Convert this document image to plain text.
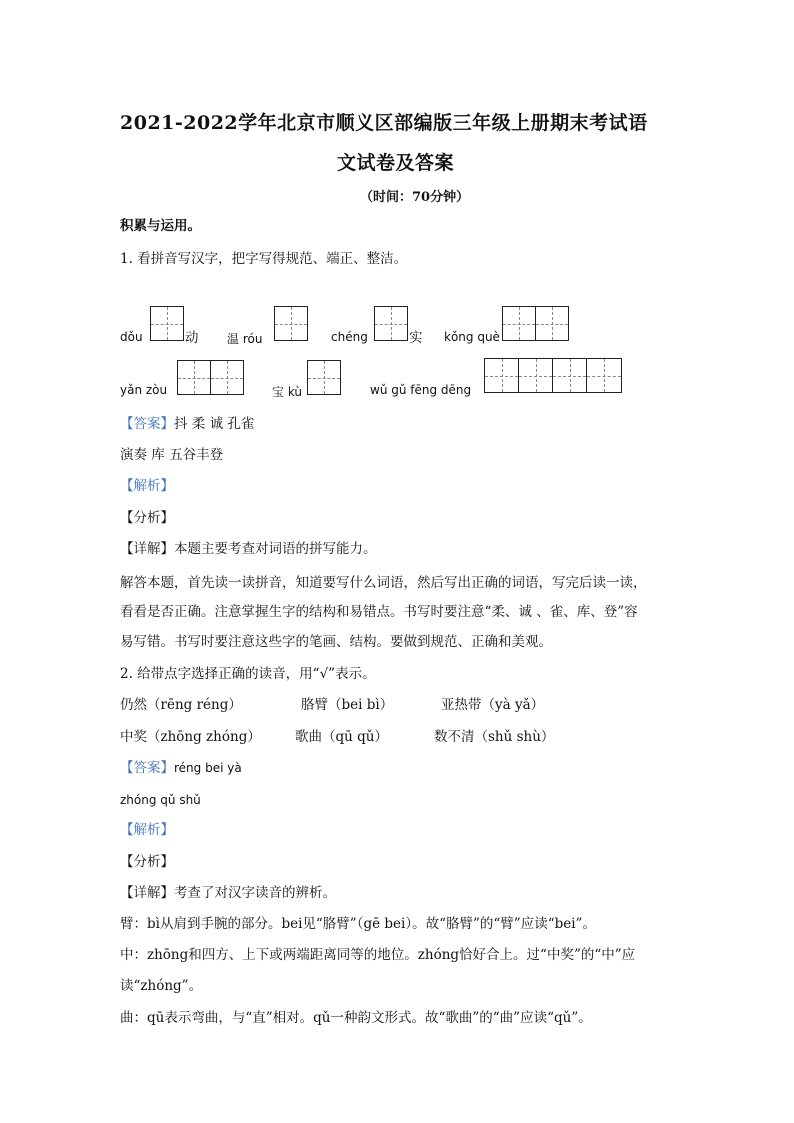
2021-2022学年北京市顺义区部编版三年级上册期末考试语
文试卷及答案
（时间：70分钟）
积累与运用。
1. 看拼音写汉字，把字写得规范、端正、整洁。
dǒu	动 温 róu	chéng	实 kǒng què
yǎn zòu	宝 kù	wǔ gǔ fēng dēng
【答案】抖 柔 诚 孔雀
演奏 库 五谷丰登
【解析】
【分析】
【详解】本题主要考查对词语的拼写能力。
解答本题，首先读一读拼音，知道要写什么词语，然后写出正确的词语，写完后读一读，
看看是否正确。注意掌握生字的结构和易错点。书写时要注意“柔、诚 、雀、库、登”容
易写错。书写时要注意这些字的笔画、结构。要做到规范、正确和美观。
2. 给带点字选择正确的读音，用“√”表示。
仍然（rēng réng）	胳臂（bei bì）	亚热带（yà yǎ）
中奖（zhōng zhóng）	歌曲（qū qǔ）	数不清（shǔ shù）
【答案】réng bei yà
zhóng qǔ shǔ
【解析】
【分析】
【详解】考查了对汉字读音的辨析。
臂：bì从肩到手腕的部分。bei见“胳臂”（gē bei）。故“胳臂”的“臂”应读“bei”。
中：zhōng和四方、上下或两端距离同等的地位。zhóng恰好合上。过“中奖”的“中”应
读“zhóng”。
曲：qū表示弯曲，与“直”相对。qǔ一种韵文形式。故“歌曲”的“曲”应读“qǔ”。
